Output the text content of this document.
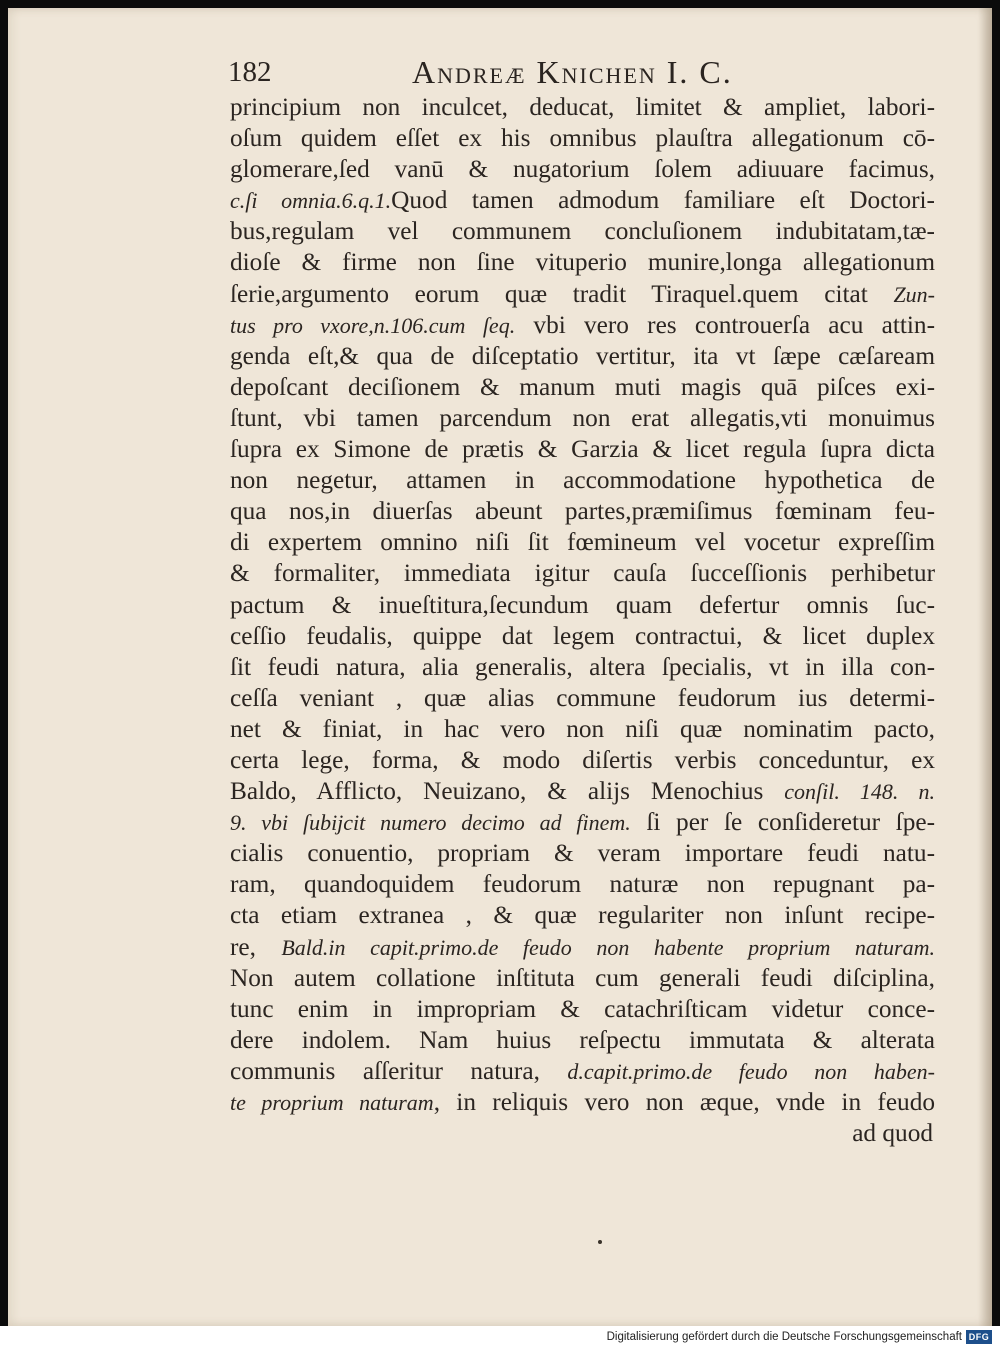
182	Andreæ Knichen I. C.
principium non inculcet, deducat, limitet & ampliet, labori-
oſum quidem eſſet ex his omnibus plauſtra allegationum cō-
glomerare,ſed vanū & nugatorium ſolem adiuuare facimus,
c.ſi omnia.6.q.1.Quod tamen admodum familiare eſt Doctori-
bus,regulam vel communem concluſionem indubitatam,tæ-
dioſe & firme non ſine vituperio munire,longa allegationum
ſerie,argumento eorum quæ tradit Tiraquel.quem citat Zun-
tus pro vxore,n.106.cum ſeq. vbi vero res controuerſa acu attin-
genda eſt,& qua de diſceptatio vertitur, ita vt ſæpe cæſaream
depoſcant deciſionem & manum muti magis quā piſces exi-
ſtunt, vbi tamen parcendum non erat allegatis,vti monuimus
ſupra ex Simone de prætis & Garzia & licet regula ſupra dicta
non negetur, attamen in accommodatione hypothetica de
qua nos,in diuerſas abeunt partes,præmiſimus fœminam feu-
di expertem omnino niſi ſit fœmineum vel vocetur expreſſim
& formaliter, immediata igitur cauſa ſucceſſionis perhibetur
pactum & inueſtitura,ſecundum quam defertur omnis ſuc-
ceſſio feudalis, quippe dat legem contractui, & licet duplex
ſit feudi natura, alia generalis, altera ſpecialis, vt in illa con-
ceſſa veniant , quæ alias commune feudorum ius determi-
net & finiat, in hac vero non niſi quæ nominatim pacto,
certa lege, forma, & modo diſertis verbis conceduntur, ex
Baldo, Afflicto, Neuizano, & alijs Menochius conſil. 148. n.
9. vbi ſubijcit numero decimo ad finem. ſi per ſe conſideretur ſpe-
cialis conuentio, propriam & veram importare feudi natu-
ram, quandoquidem feudorum naturæ non repugnant pa-
cta etiam extranea , & quæ regulariter non inſunt recipe-
re, Bald.in capit.primo.de feudo non habente proprium naturam.
Non autem collatione inſtituta cum generali feudi diſciplina,
tunc enim in impropriam & catachriſticam videtur conce-
dere indolem. Nam huius reſpectu immutata & alterata
communis aſſeritur natura, d.capit.primo.de feudo non haben-
te proprium naturam, in reliquis vero non æque, vnde in feudo
ad quod
Digitalisierung gefördert durch die Deutsche Forschungsgemeinschaft DFG
